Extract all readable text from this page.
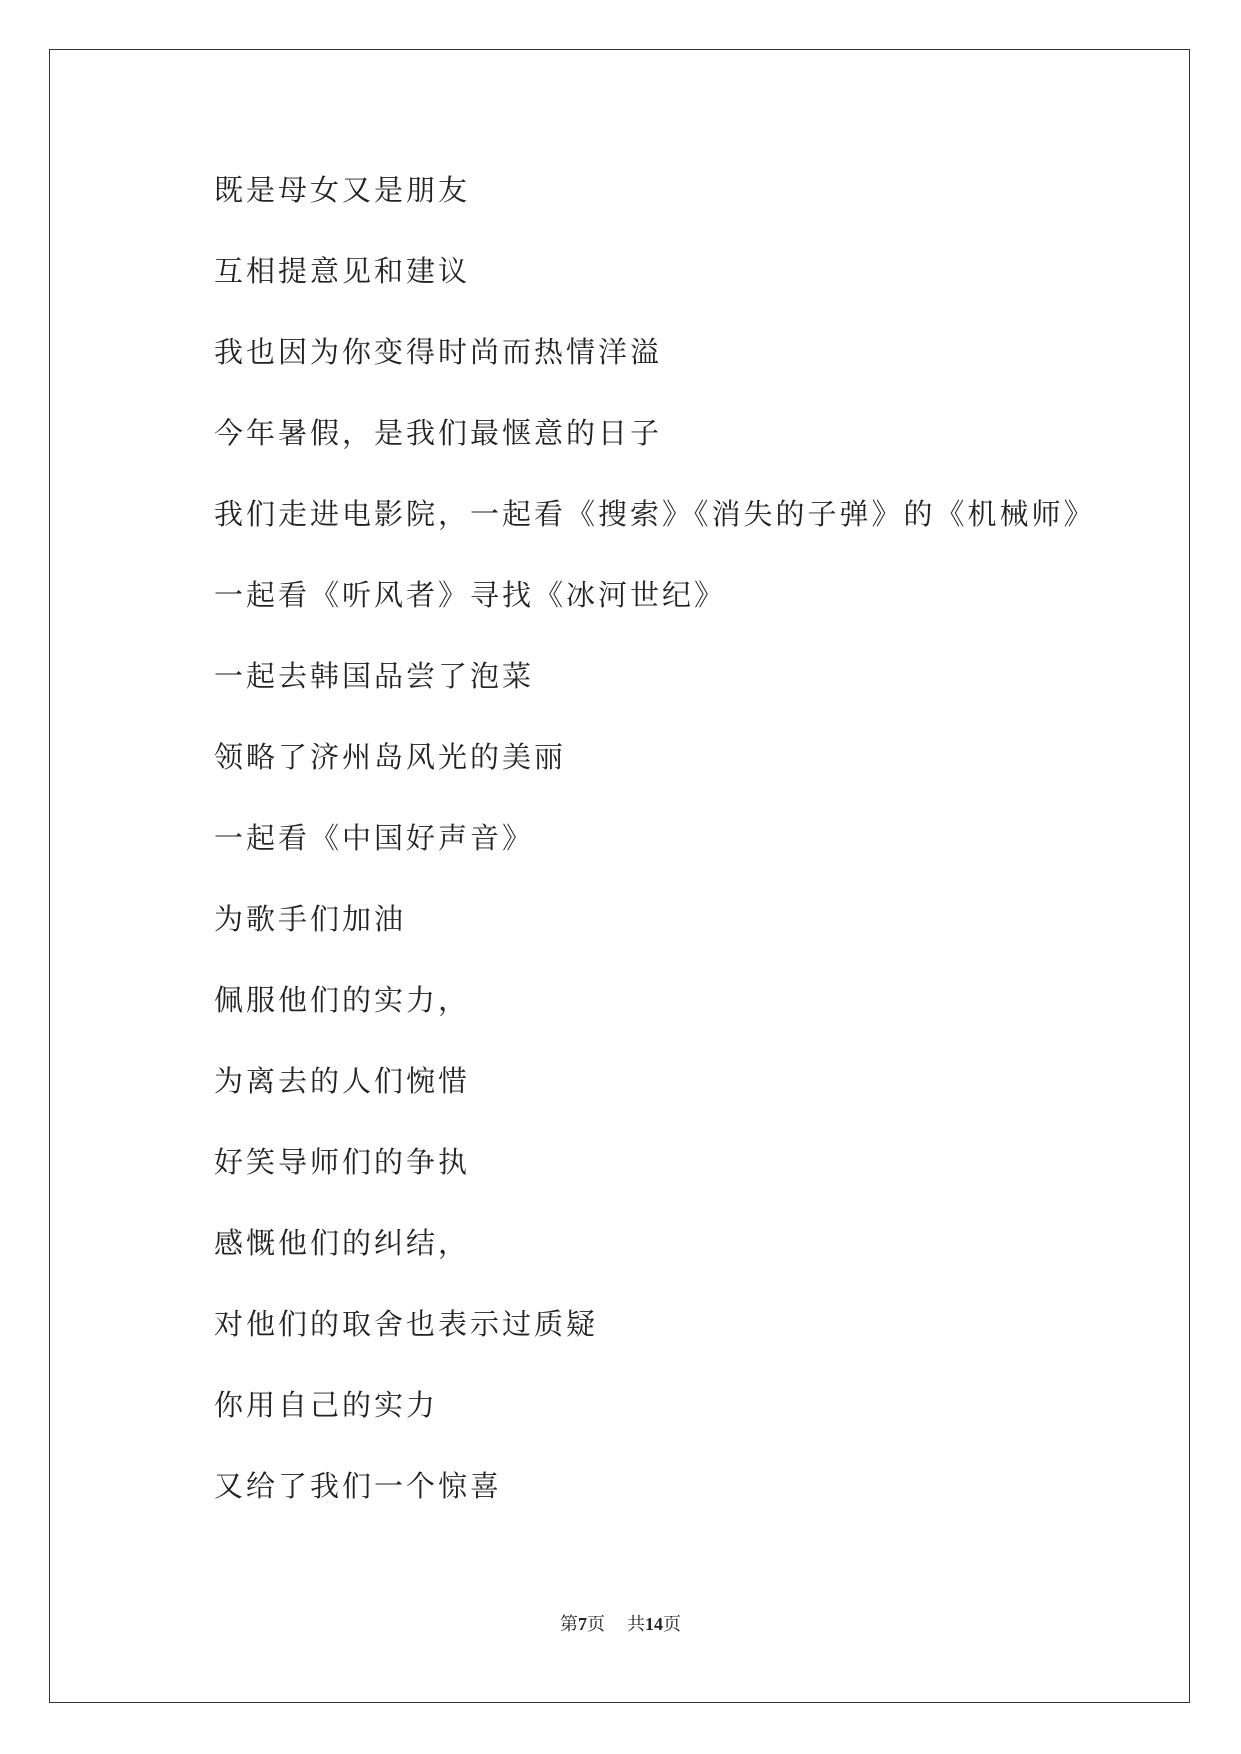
既是母女又是朋友
互相提意见和建议
我也因为你变得时尚而热情洋溢
今年暑假，是我们最惬意的日子
我们走进电影院，一起看《搜索》《消失的子弹》的《机械师》
一起看《听风者》寻找《冰河世纪》
一起去韩国品尝了泡菜
领略了济州岛风光的美丽
一起看《中国好声音》
为歌手们加油
佩服他们的实力，
为离去的人们惋惜
好笑导师们的争执
感慨他们的纠结，
对他们的取舍也表示过质疑
你用自己的实力
又给了我们一个惊喜
第7页 共14页
